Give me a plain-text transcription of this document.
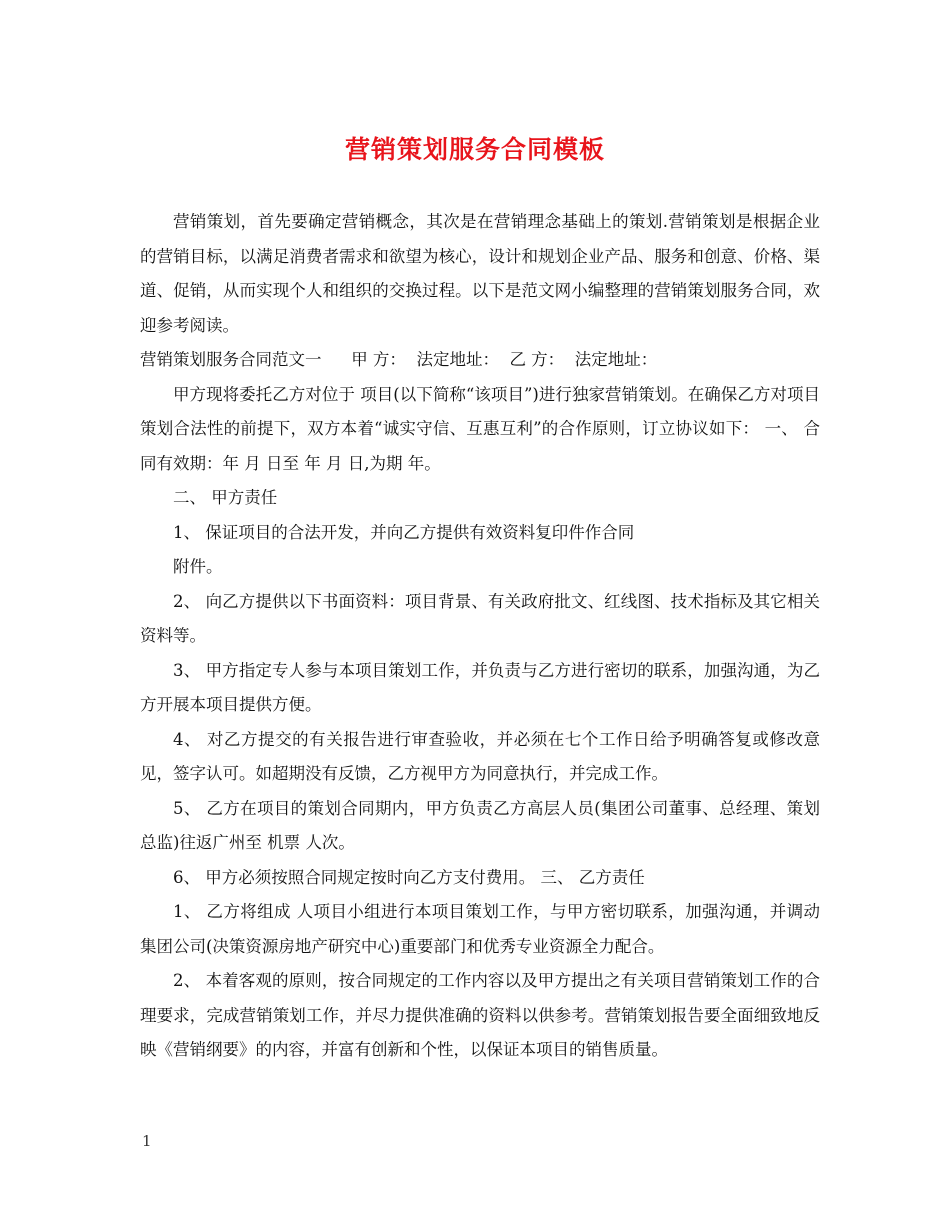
营销策划服务合同模板

营销策划，首先要确定营销概念，其次是在营销理念基础上的策划.营销策划是根据企业的营销目标，以满足消费者需求和欲望为核心，设计和规划企业产品、服务和创意、价格、渠道、促销，从而实现个人和组织的交换过程。以下是范文网小编整理的营销策划服务合同，欢迎参考阅读。

营销策划服务合同范文一 甲 方： 法定地址： 乙 方： 法定地址：

甲方现将委托乙方对位于 项目(以下简称“该项目”)进行独家营销策划。在确保乙方对项目策划合法性的前提下，双方本着“诚实守信、互惠互利”的合作原则，订立协议如下： 一、 合同有效期：年 月 日至 年 月 日,为期 年。

二、 甲方责任

1、 保证项目的合法开发，并向乙方提供有效资料复印件作合同

附件。

2、 向乙方提供以下书面资料：项目背景、有关政府批文、红线图、技术指标及其它相关资料等。

3、 甲方指定专人参与本项目策划工作，并负责与乙方进行密切的联系，加强沟通，为乙方开展本项目提供方便。

4、 对乙方提交的有关报告进行审查验收，并必须在七个工作日给予明确答复或修改意见，签字认可。如超期没有反馈，乙方视甲方为同意执行，并完成工作。

5、 乙方在项目的策划合同期内，甲方负责乙方高层人员(集团公司董事、总经理、策划总监)往返广州至 机票 人次。

6、 甲方必须按照合同规定按时向乙方支付费用。 三、 乙方责任

1、 乙方将组成 人项目小组进行本项目策划工作，与甲方密切联系，加强沟通，并调动集团公司(决策资源房地产研究中心)重要部门和优秀专业资源全力配合。

2、 本着客观的原则，按合同规定的工作内容以及甲方提出之有关项目营销策划工作的合理要求，完成营销策划工作，并尽力提供准确的资料以供参考。营销策划报告要全面细致地反映《营销纲要》的内容，并富有创新和个性，以保证本项目的销售质量。

1
